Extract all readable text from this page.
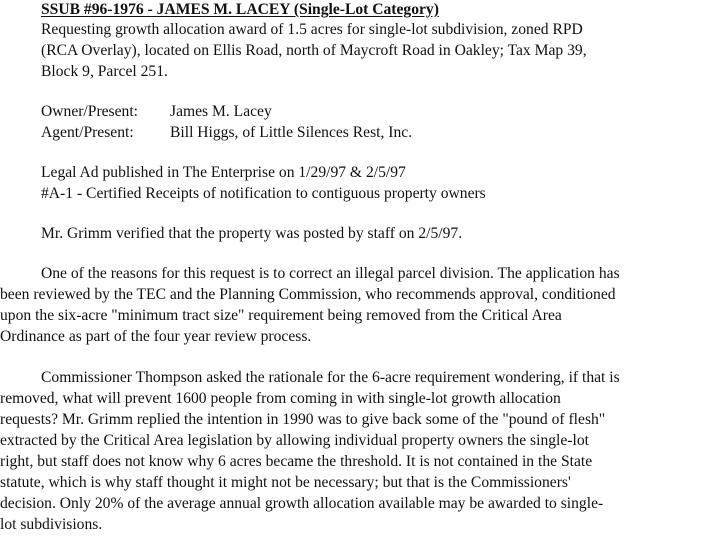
SSUB #96-1976 - JAMES M. LACEY (Single-Lot Category)
Requesting growth allocation award of 1.5 acres for single-lot subdivision, zoned RPD
(RCA Overlay), located on Ellis Road, north of Maycroft Road in Oakley; Tax Map 39,
Block 9, Parcel 251.
Owner/Present: James M. Lacey
Agent/Present: Bill Higgs, of Little Silences Rest, Inc.
Legal Ad published in The Enterprise on 1/29/97 & 2/5/97
#A-1 - Certified Receipts of notification to contiguous property owners
Mr. Grimm verified that the property was posted by staff on 2/5/97.
One of the reasons for this request is to correct an illegal parcel division. The application has
been reviewed by the TEC and the Planning Commission, who recommends approval, conditioned
upon the six-acre "minimum tract size" requirement being removed from the Critical Area
Ordinance as part of the four year review process.
Commissioner Thompson asked the rationale for the 6-acre requirement wondering, if that is
removed, what will prevent 1600 people from coming in with single-lot growth allocation
requests? Mr. Grimm replied the intention in 1990 was to give back some of the "pound of flesh"
extracted by the Critical Area legislation by allowing individual property owners the single-lot
right, but staff does not know why 6 acres became the threshold. It is not contained in the State
statute, which is why staff thought it might not be necessary; but that is the Commissioners'
decision. Only 20% of the average annual growth allocation available may be awarded to single-
lot subdivisions.
